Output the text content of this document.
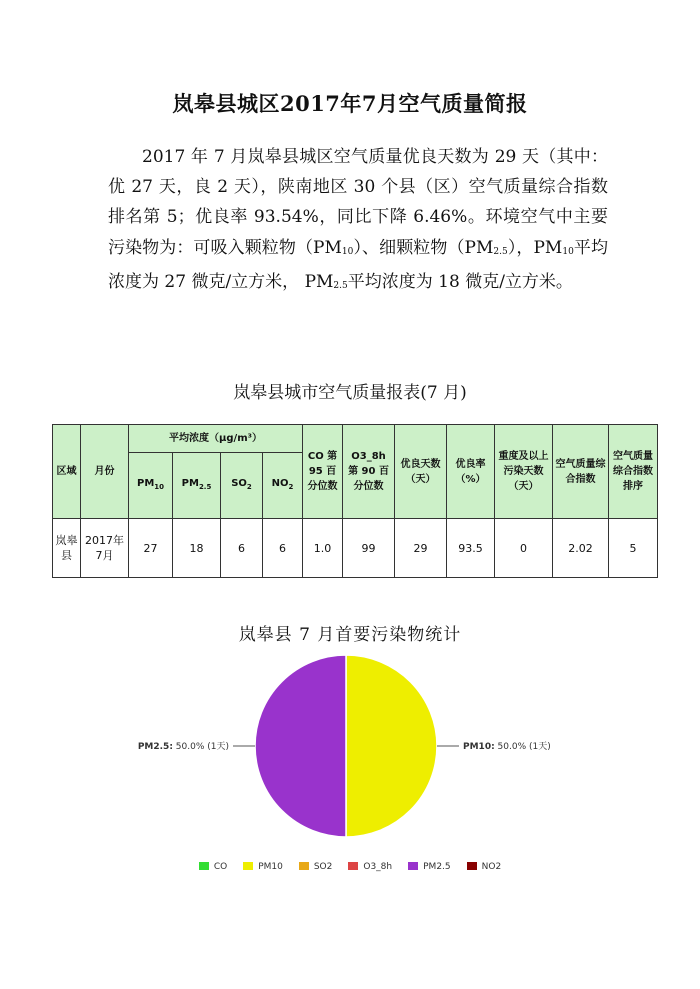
岚皋县城区2017年7月空气质量简报
2017 年 7 月岚皋县城区空气质量优良天数为 29 天（其中：优 27 天，良 2 天），陕南地区 30 个县（区）空气质量综合指数排名第 5；优良率 93.54%，同比下降 6.46%。环境空气中主要污染物为：可吸入颗粒物$(PM_{10})$、细颗粒物$(PM_{2.5})$，$PM_{10}$平均浓度为 27 微克/立方米， $PM_{2.5}$平均浓度为 18 微克/立方米。
岚皋县城市空气质量报表(7 月)
区域	月份	平均浓度（μg/m³）				CO 第 95 百分位数	O3_8h 第 90 百分位数	优良天数（天）	优良率（%）	重度及以上污染天数（天）	空气质量综合指数	空气质量综合指数排序
		$PM_{10}$	$PM_{2.5}$	$SO_2$	$NO_2$
岚皋县	2017年7月	27	18	6	6	1.0	99	29	93.5	0	2.02	5
岚皋县 7 月首要污染物统计
PM10: 50.0% (1天)
PM2.5: 50.0% (1天)
CO	PM10	SO2	O3_8h	PM2.5	NO2
